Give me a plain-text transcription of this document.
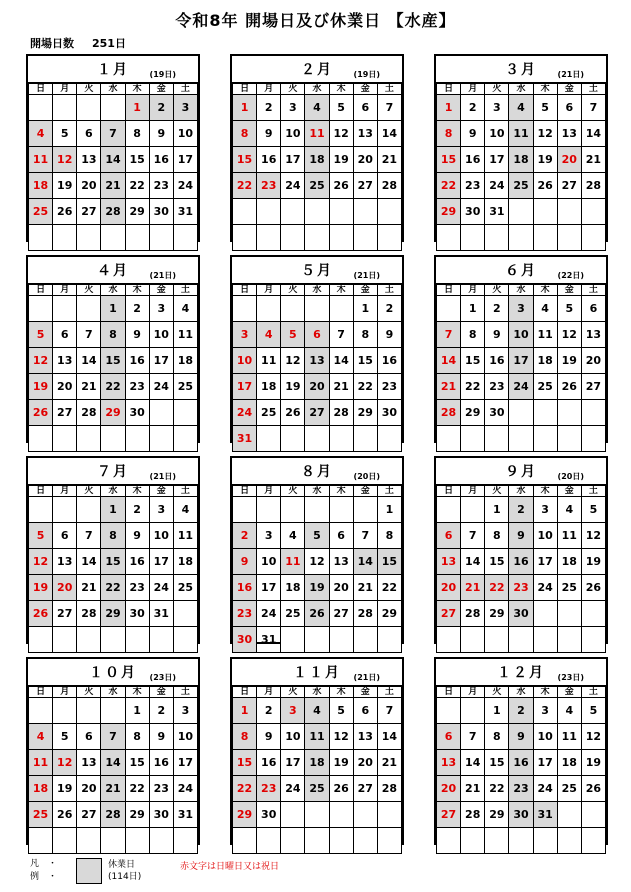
令和8年 開場日及び休業日 【水産】
開場日数 251日
１月	(19日)
日	月	火	水	木	金	土
				1	2	3
4	5	6	7	8	9	10
11	12	13	14	15	16	17
18	19	20	21	22	23	24
25	26	27	28	29	30	31

２月	(19日)
日	月	火	水	木	金	土
1	2	3	4	5	6	7
8	9	10	11	12	13	14
15	16	17	18	19	20	21
22	23	24	25	26	27	28

３月	(21日)
日	月	火	水	木	金	土
1	2	3	4	5	6	7
8	9	10	11	12	13	14
15	16	17	18	19	20	21
22	23	24	25	26	27	28
29	30	31				

４月	(21日)
日	月	火	水	木	金	土
			1	2	3	4
5	6	7	8	9	10	11
12	13	14	15	16	17	18
19	20	21	22	23	24	25
26	27	28	29	30		

５月	(21日)
日	月	火	水	木	金	土
					1	2
3	4	5	6	7	8	9
10	11	12	13	14	15	16
17	18	19	20	21	22	23
24	25	26	27	28	29	30
31						
６月	(22日)
日	月	火	水	木	金	土
	1	2	3	4	5	6
7	8	9	10	11	12	13
14	15	16	17	18	19	20
21	22	23	24	25	26	27
28	29	30				

７月	(21日)
日	月	火	水	木	金	土
			1	2	3	4
5	6	7	8	9	10	11
12	13	14	15	16	17	18
19	20	21	22	23	24	25
26	27	28	29	30	31	

８月	(20日)
日	月	火	水	木	金	土
						1
2	3	4	5	6	7	8
9	10	11	12	13	14	15
16	17	18	19	20	21	22
23	24	25	26	27	28	29
30	31					
９月	(20日)
日	月	火	水	木	金	土
		1	2	3	4	5
6	7	8	9	10	11	12
13	14	15	16	17	18	19
20	21	22	23	24	25	26
27	28	29	30			

１０月	(23日)
日	月	火	水	木	金	土
				1	2	3
4	5	6	7	8	9	10
11	12	13	14	15	16	17
18	19	20	21	22	23	24
25	26	27	28	29	30	31

１１月	(21日)
日	月	火	水	木	金	土
1	2	3	4	5	6	7
8	9	10	11	12	13	14
15	16	17	18	19	20	21
22	23	24	25	26	27	28
29	30					

１２月	(23日)
日	月	火	水	木	金	土
		1	2	3	4	5
6	7	8	9	10	11	12
13	14	15	16	17	18	19
20	21	22	23	24	25	26
27	28	29	30	31		

凡　・
例　・
休業日
(114日)
赤文字は日曜日又は祝日
